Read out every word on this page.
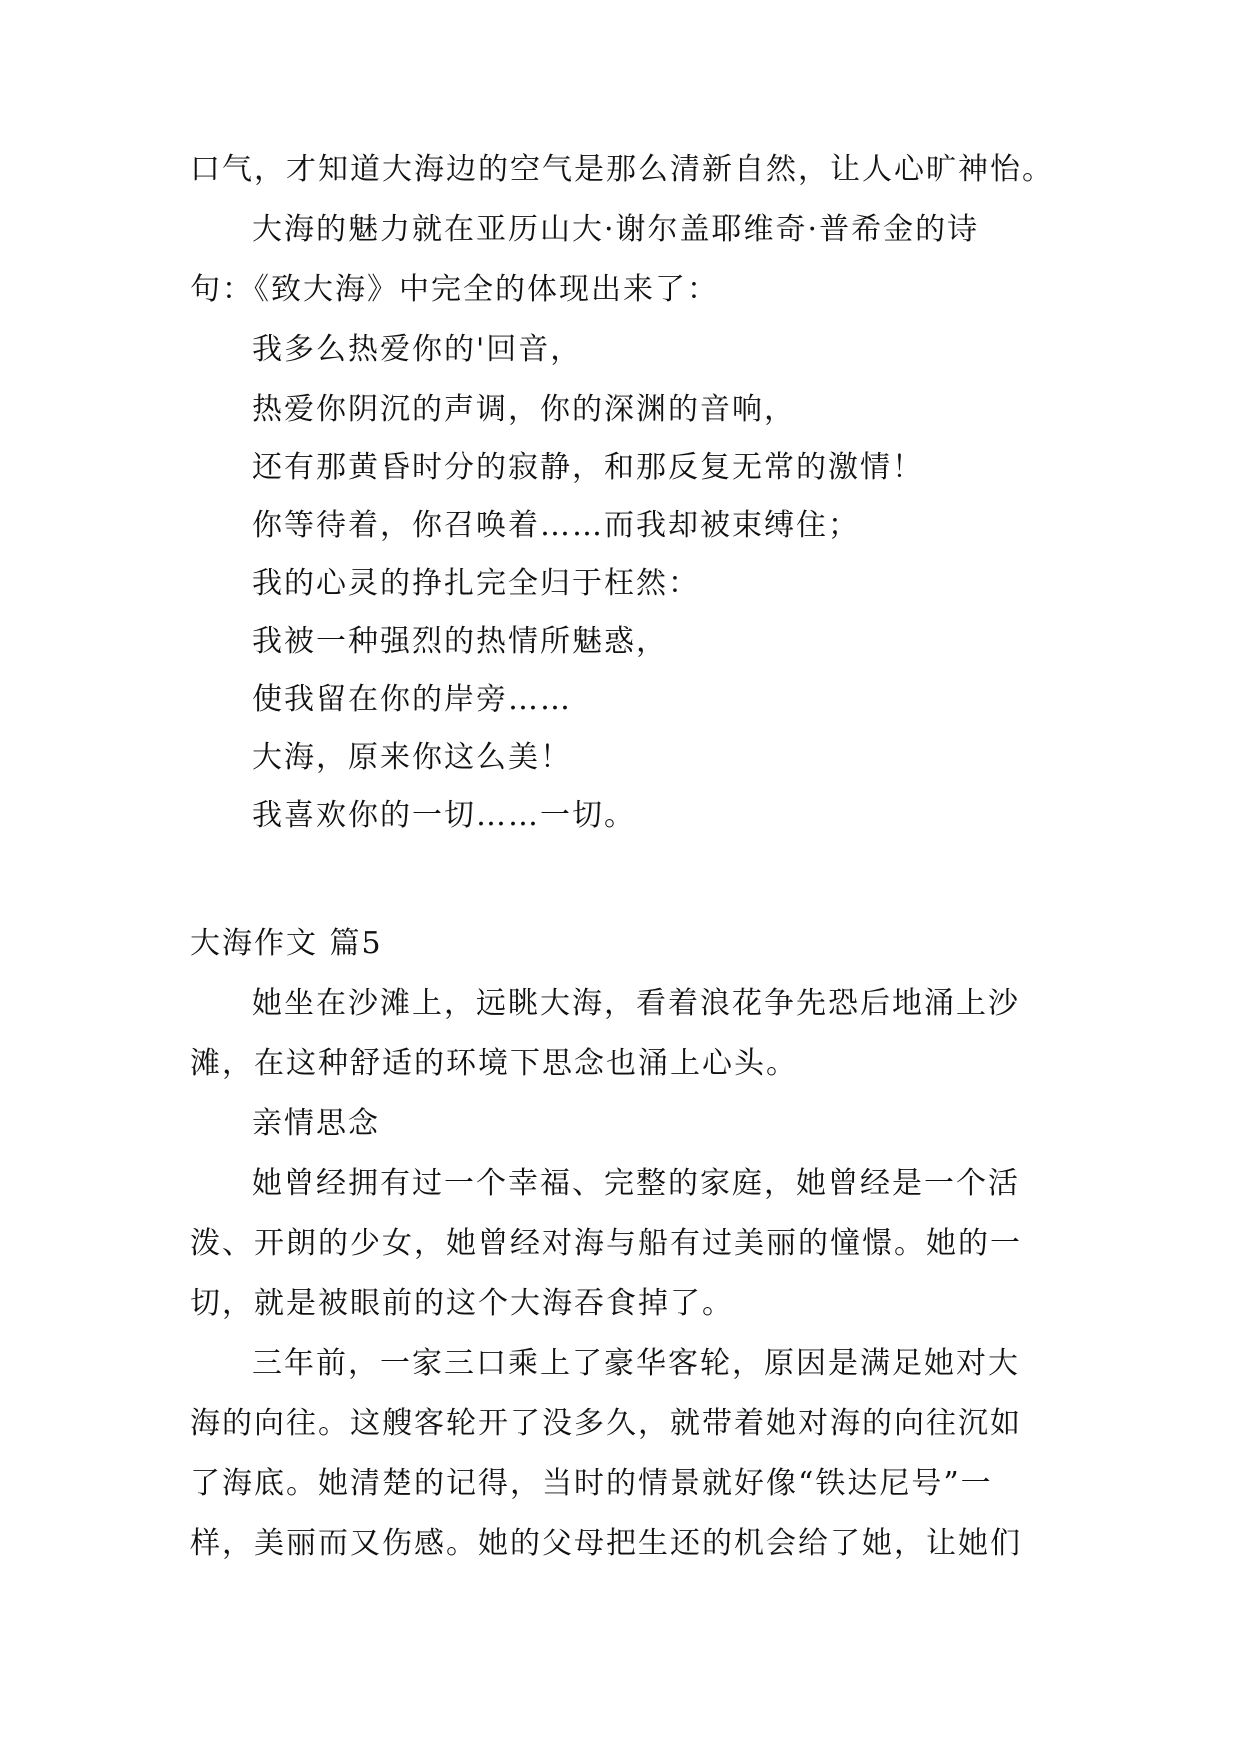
口气，才知道大海边的空气是那么清新自然，让人心旷神怡。
大海的魅力就在亚历山大·谢尔盖耶维奇·普希金的诗
句：《致大海》中完全的体现出来了：
我多么热爱你的'回音，
热爱你阴沉的声调，你的深渊的音响，
还有那黄昏时分的寂静，和那反复无常的激情！
你等待着，你召唤着……而我却被束缚住；
我的心灵的挣扎完全归于枉然：
我被一种强烈的热情所魅惑，
使我留在你的岸旁……
大海，原来你这么美！
我喜欢你的一切……一切。
大海作文 篇5
她坐在沙滩上，远眺大海，看着浪花争先恐后地涌上沙
滩，在这种舒适的环境下思念也涌上心头。
亲情思念
她曾经拥有过一个幸福、完整的家庭，她曾经是一个活
泼、开朗的少女，她曾经对海与船有过美丽的憧憬。她的一
切，就是被眼前的这个大海吞食掉了。
三年前，一家三口乘上了豪华客轮，原因是满足她对大
海的向往。这艘客轮开了没多久，就带着她对海的向往沉如
了海底。她清楚的记得，当时的情景就好像“铁达尼号”一
样，美丽而又伤感。她的父母把生还的机会给了她，让她们
